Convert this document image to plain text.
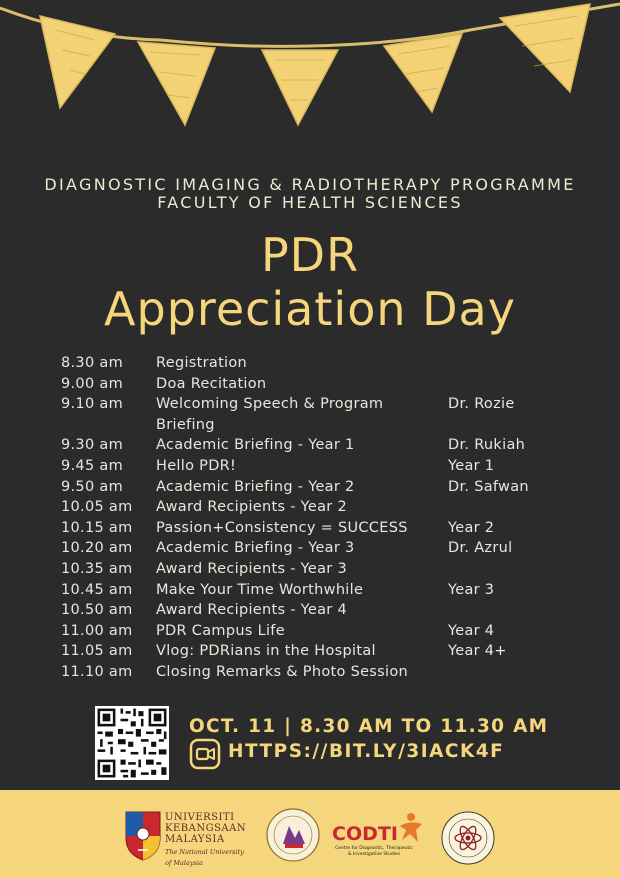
DIAGNOSTIC IMAGING & RADIOTHERAPY PROGRAMME
FACULTY OF HEALTH SCIENCES
PDR
Appreciation Day
8.30 am	Registration
9.00 am	Doa Recitation
9.10 am	Welcoming Speech & Program	Dr. Rozie
Briefing
9.30 am	Academic Briefing - Year 1	Dr. Rukiah
9.45 am	Hello PDR!	Year 1
9.50 am	Academic Briefing - Year 2	Dr. Safwan
10.05 am	Award Recipients - Year 2
10.15 am	Passion+Consistency = SUCCESS	Year 2
10.20 am	Academic Briefing - Year 3	Dr. Azrul
10.35 am	Award Recipients - Year 3
10.45 am	Make Your Time Worthwhile	Year 3
10.50 am	Award Recipients - Year 4
11.00 am	PDR Campus Life	Year 4
11.05 am	Vlog: PDRians in the Hospital	Year 4+
11.10 am	Closing Remarks & Photo Session
OCT. 11 | 8.30 AM TO 11.30 AM
HTTPS://BIT.LY/3IACK4F
UNIVERSITI
KEBANGSAAN
MALAYSIA
The National University
of Malaysia
CODTI
Centre for Diagnostic, Therapeutic & Investigative Studies
